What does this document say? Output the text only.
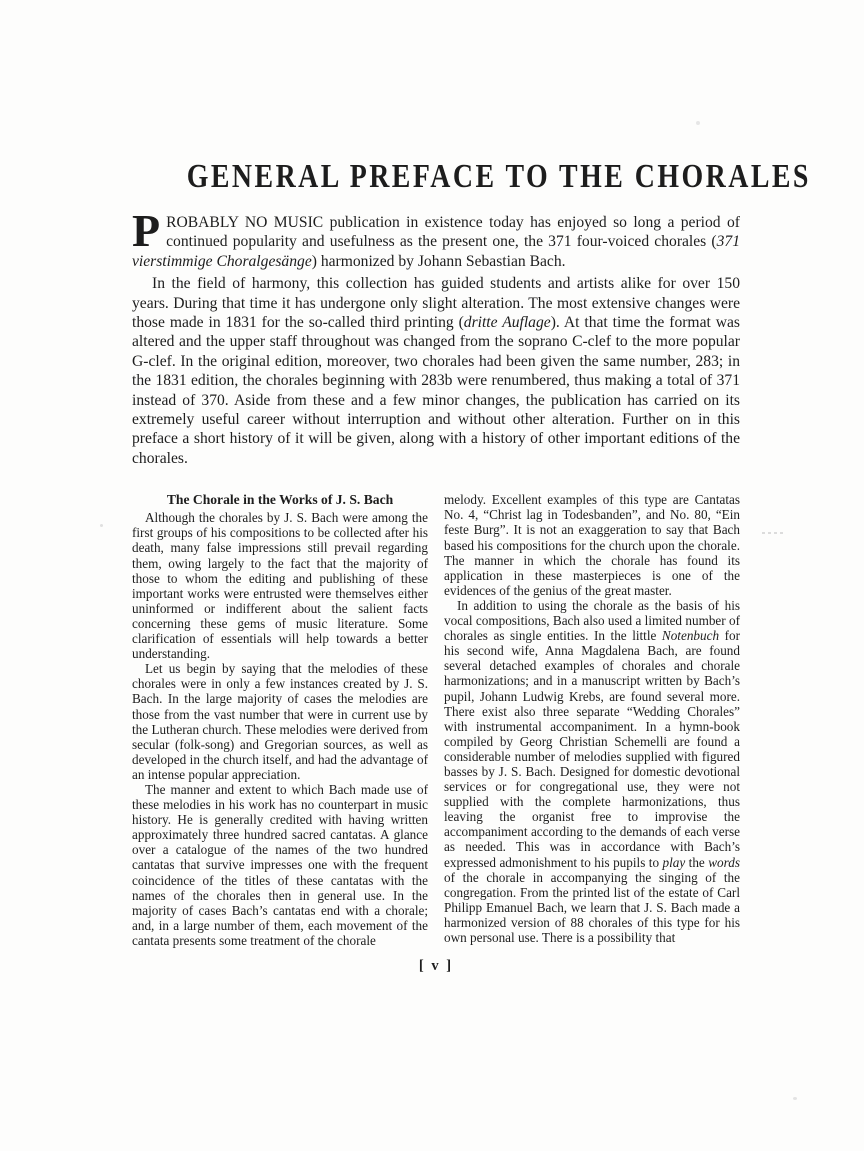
GENERAL PREFACE TO THE CHORALES

PROBABLY NO MUSIC publication in existence today has enjoyed so long a period of continued popularity and usefulness as the present one, the 371 four-voiced chorales (371 vierstimmige Choralgesänge) harmonized by Johann Sebastian Bach.

In the field of harmony, this collection has guided students and artists alike for over 150 years. During that time it has undergone only slight alteration. The most extensive changes were those made in 1831 for the so-called third printing (dritte Auflage). At that time the format was altered and the upper staff throughout was changed from the soprano C-clef to the more popular G-clef. In the original edition, moreover, two chorales had been given the same number, 283; in the 1831 edition, the chorales beginning with 283b were renumbered, thus making a total of 371 instead of 370. Aside from these and a few minor changes, the publication has carried on its extremely useful career without interruption and without other alteration. Further on in this preface a short history of it will be given, along with a history of other important editions of the chorales.

The Chorale in the Works of J. S. Bach

Although the chorales by J. S. Bach were among the first groups of his compositions to be collected after his death, many false impressions still prevail regarding them, owing largely to the fact that the majority of those to whom the editing and publishing of these important works were entrusted were themselves either uninformed or indifferent about the salient facts concerning these gems of music literature. Some clarification of essentials will help towards a better understanding.

Let us begin by saying that the melodies of these chorales were in only a few instances created by J. S. Bach. In the large majority of cases the melodies are those from the vast number that were in current use by the Lutheran church. These melodies were derived from secular (folk-song) and Gregorian sources, as well as developed in the church itself, and had the advantage of an intense popular appreciation.

The manner and extent to which Bach made use of these melodies in his work has no counterpart in music history. He is generally credited with having written approximately three hundred sacred cantatas. A glance over a catalogue of the names of the two hundred cantatas that survive impresses one with the frequent coincidence of the titles of these cantatas with the names of the chorales then in general use. In the majority of cases Bach’s cantatas end with a chorale; and, in a large number of them, each movement of the cantata presents some treatment of the chorale

melody. Excellent examples of this type are Cantatas No. 4, “Christ lag in Todesbanden”, and No. 80, “Ein feste Burg”. It is not an exaggeration to say that Bach based his compositions for the church upon the chorale. The manner in which the chorale has found its application in these masterpieces is one of the evidences of the genius of the great master.

In addition to using the chorale as the basis of his vocal compositions, Bach also used a limited number of chorales as single entities. In the little Notenbuch for his second wife, Anna Magdalena Bach, are found several detached examples of chorales and chorale harmonizations; and in a manuscript written by Bach’s pupil, Johann Ludwig Krebs, are found several more. There exist also three separate “Wedding Chorales” with instrumental accompaniment. In a hymn-book compiled by Georg Christian Schemelli are found a considerable number of melodies supplied with figured basses by J. S. Bach. Designed for domestic devotional services or for congregational use, they were not supplied with the complete harmonizations, thus leaving the organist free to improvise the accompaniment according to the demands of each verse as needed. This was in accordance with Bach’s expressed admonishment to his pupils to play the words of the chorale in accompanying the singing of the congregation. From the printed list of the estate of Carl Philipp Emanuel Bach, we learn that J. S. Bach made a harmonized version of 88 chorales of this type for his own personal use. There is a possibility that

[ v ]
